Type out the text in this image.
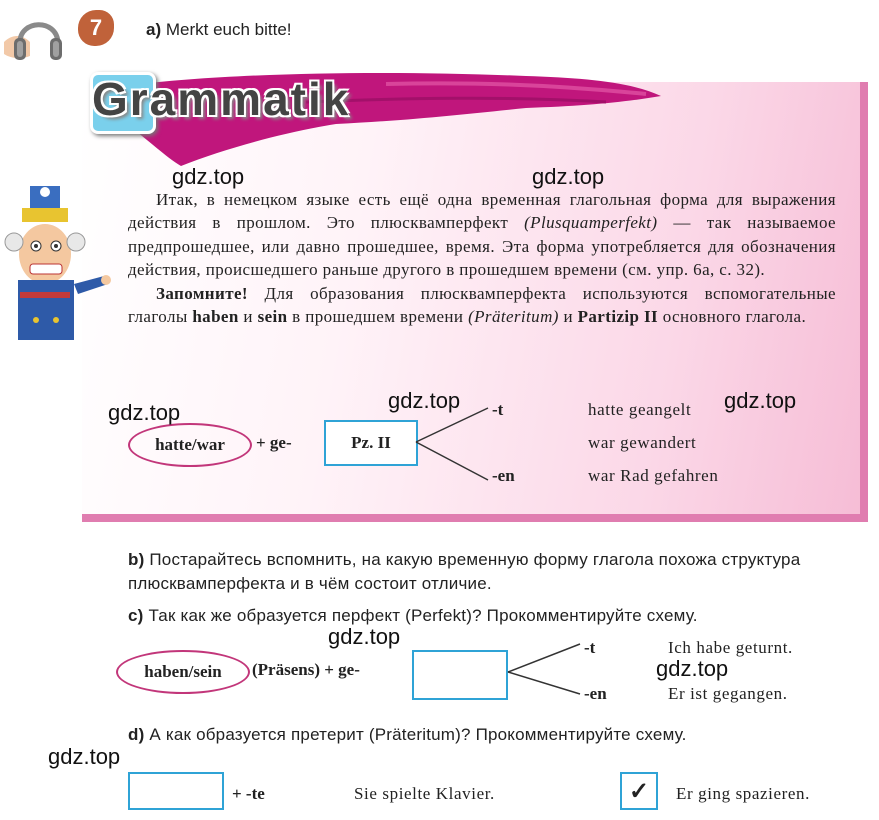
7	a) Merkt euch bitte!
Grammatik

Итак, в немецком языке есть ещё одна временная глагольная форма для выражения действия в прошлом. Это плюсквамперфект (Plusquamperfekt) — так называемое предпрошедшее, или давно прошедшее, время. Эта форма употребляется для обозначения действия, происшедшего раньше другого в прошедшем времени (см. упр. 6а, с. 32).

Запомните! Для образования плюсквамперфекта используются вспомогательные глаголы haben и sein в прошедшем времени (Präteritum) и Partizip II основного глагола.

hatte/war	+ ge-	Pz. II
-t
-en
hatte geangelt
war gewandert
war Rad gefahren
b) Постарайтесь вспомнить, на какую временную форму глагола похожа структура плюсквамперфекта и в чём состоит отличие.
c) Так как же образуется перфект (Perfekt)? Прокомментируйте схему.
haben/sein	(Präsens) + ge-
-t
-en
Ich habe geturnt.
Er ist gegangen.
d) А как образуется претерит (Präteritum)? Прокомментируйте схему.
+ -te	Sie spielte Klavier.	✓	Er ging spazieren.
gdz.top	gdz.top
gdz.top	gdz.top	gdz.top
gdz.top
gdz.top
gdz.top
